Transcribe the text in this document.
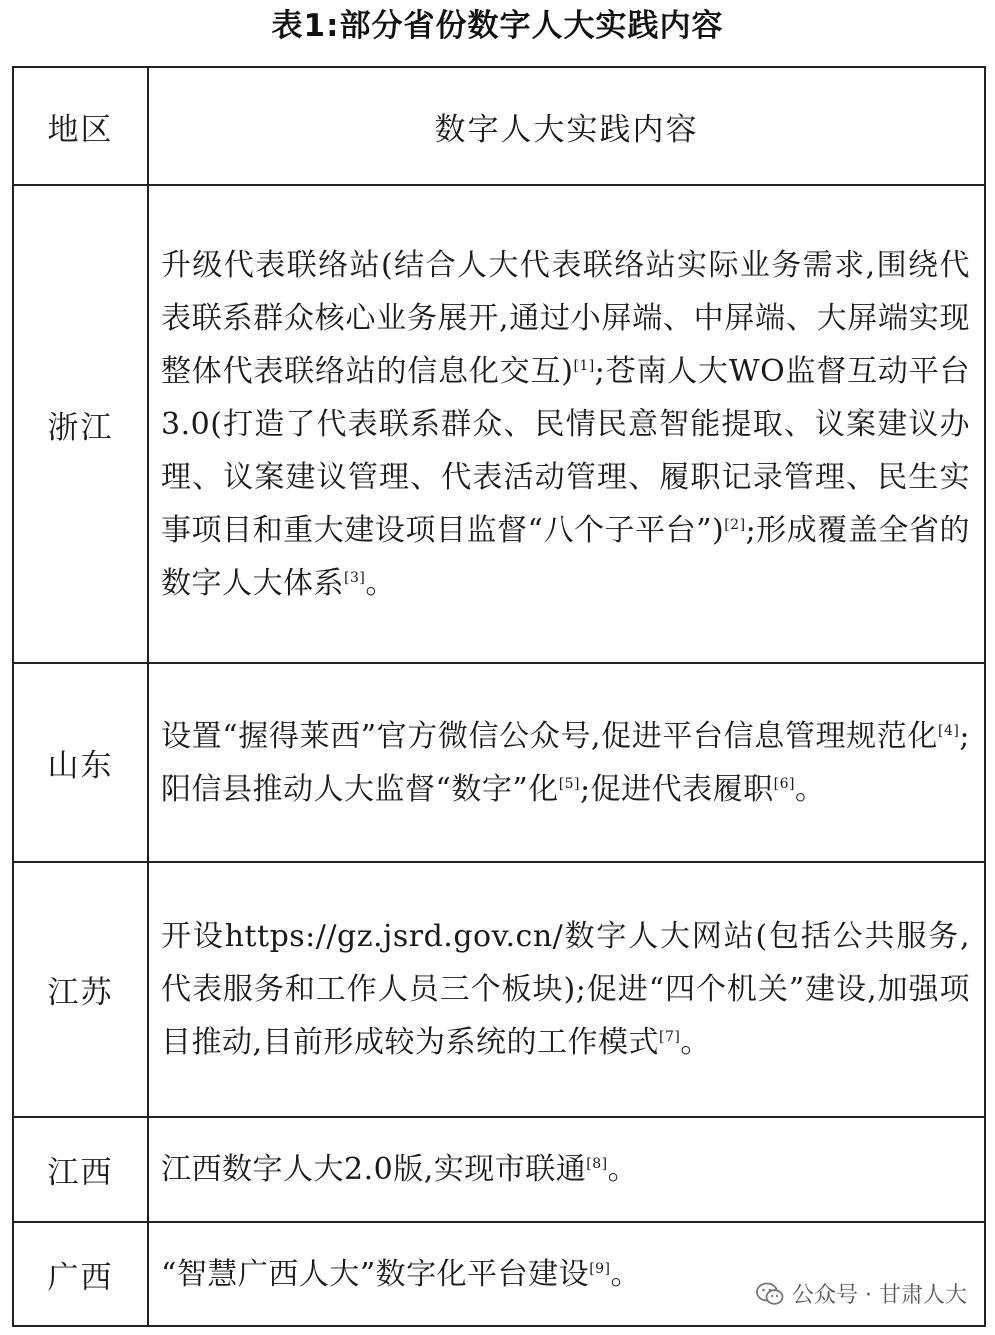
表1:部分省份数字人大实践内容
地区	数字人大实践内容
浙江	升级代表联络站(结合人大代表联络站实际业务需求,围绕代表联系群众核心业务展开,通过小屏端、中屏端、大屏端实现整体代表联络站的信息化交互)[1];苍南人大WO监督互动平台3.0(打造了代表联系群众、民情民意智能提取、议案建议办理、议案建议管理、代表活动管理、履职记录管理、民生实事项目和重大建设项目监督“八个子平台”)[2];形成覆盖全省的数字人大体系[3]。
山东	设置“握得莱西”官方微信公众号,促进平台信息管理规范化[4];阳信县推动人大监督“数字”化[5];促进代表履职[6]。
江苏	开设https://gz.jsrd.gov.cn/数字人大网站(包括公共服务,代表服务和工作人员三个板块);促进“四个机关”建设,加强项目推动,目前形成较为系统的工作模式[7]。
江西	江西数字人大2.0版,实现市联通[8]。
广西	“智慧广西人大”数字化平台建设[9]。
公众号 · 甘肃人大
